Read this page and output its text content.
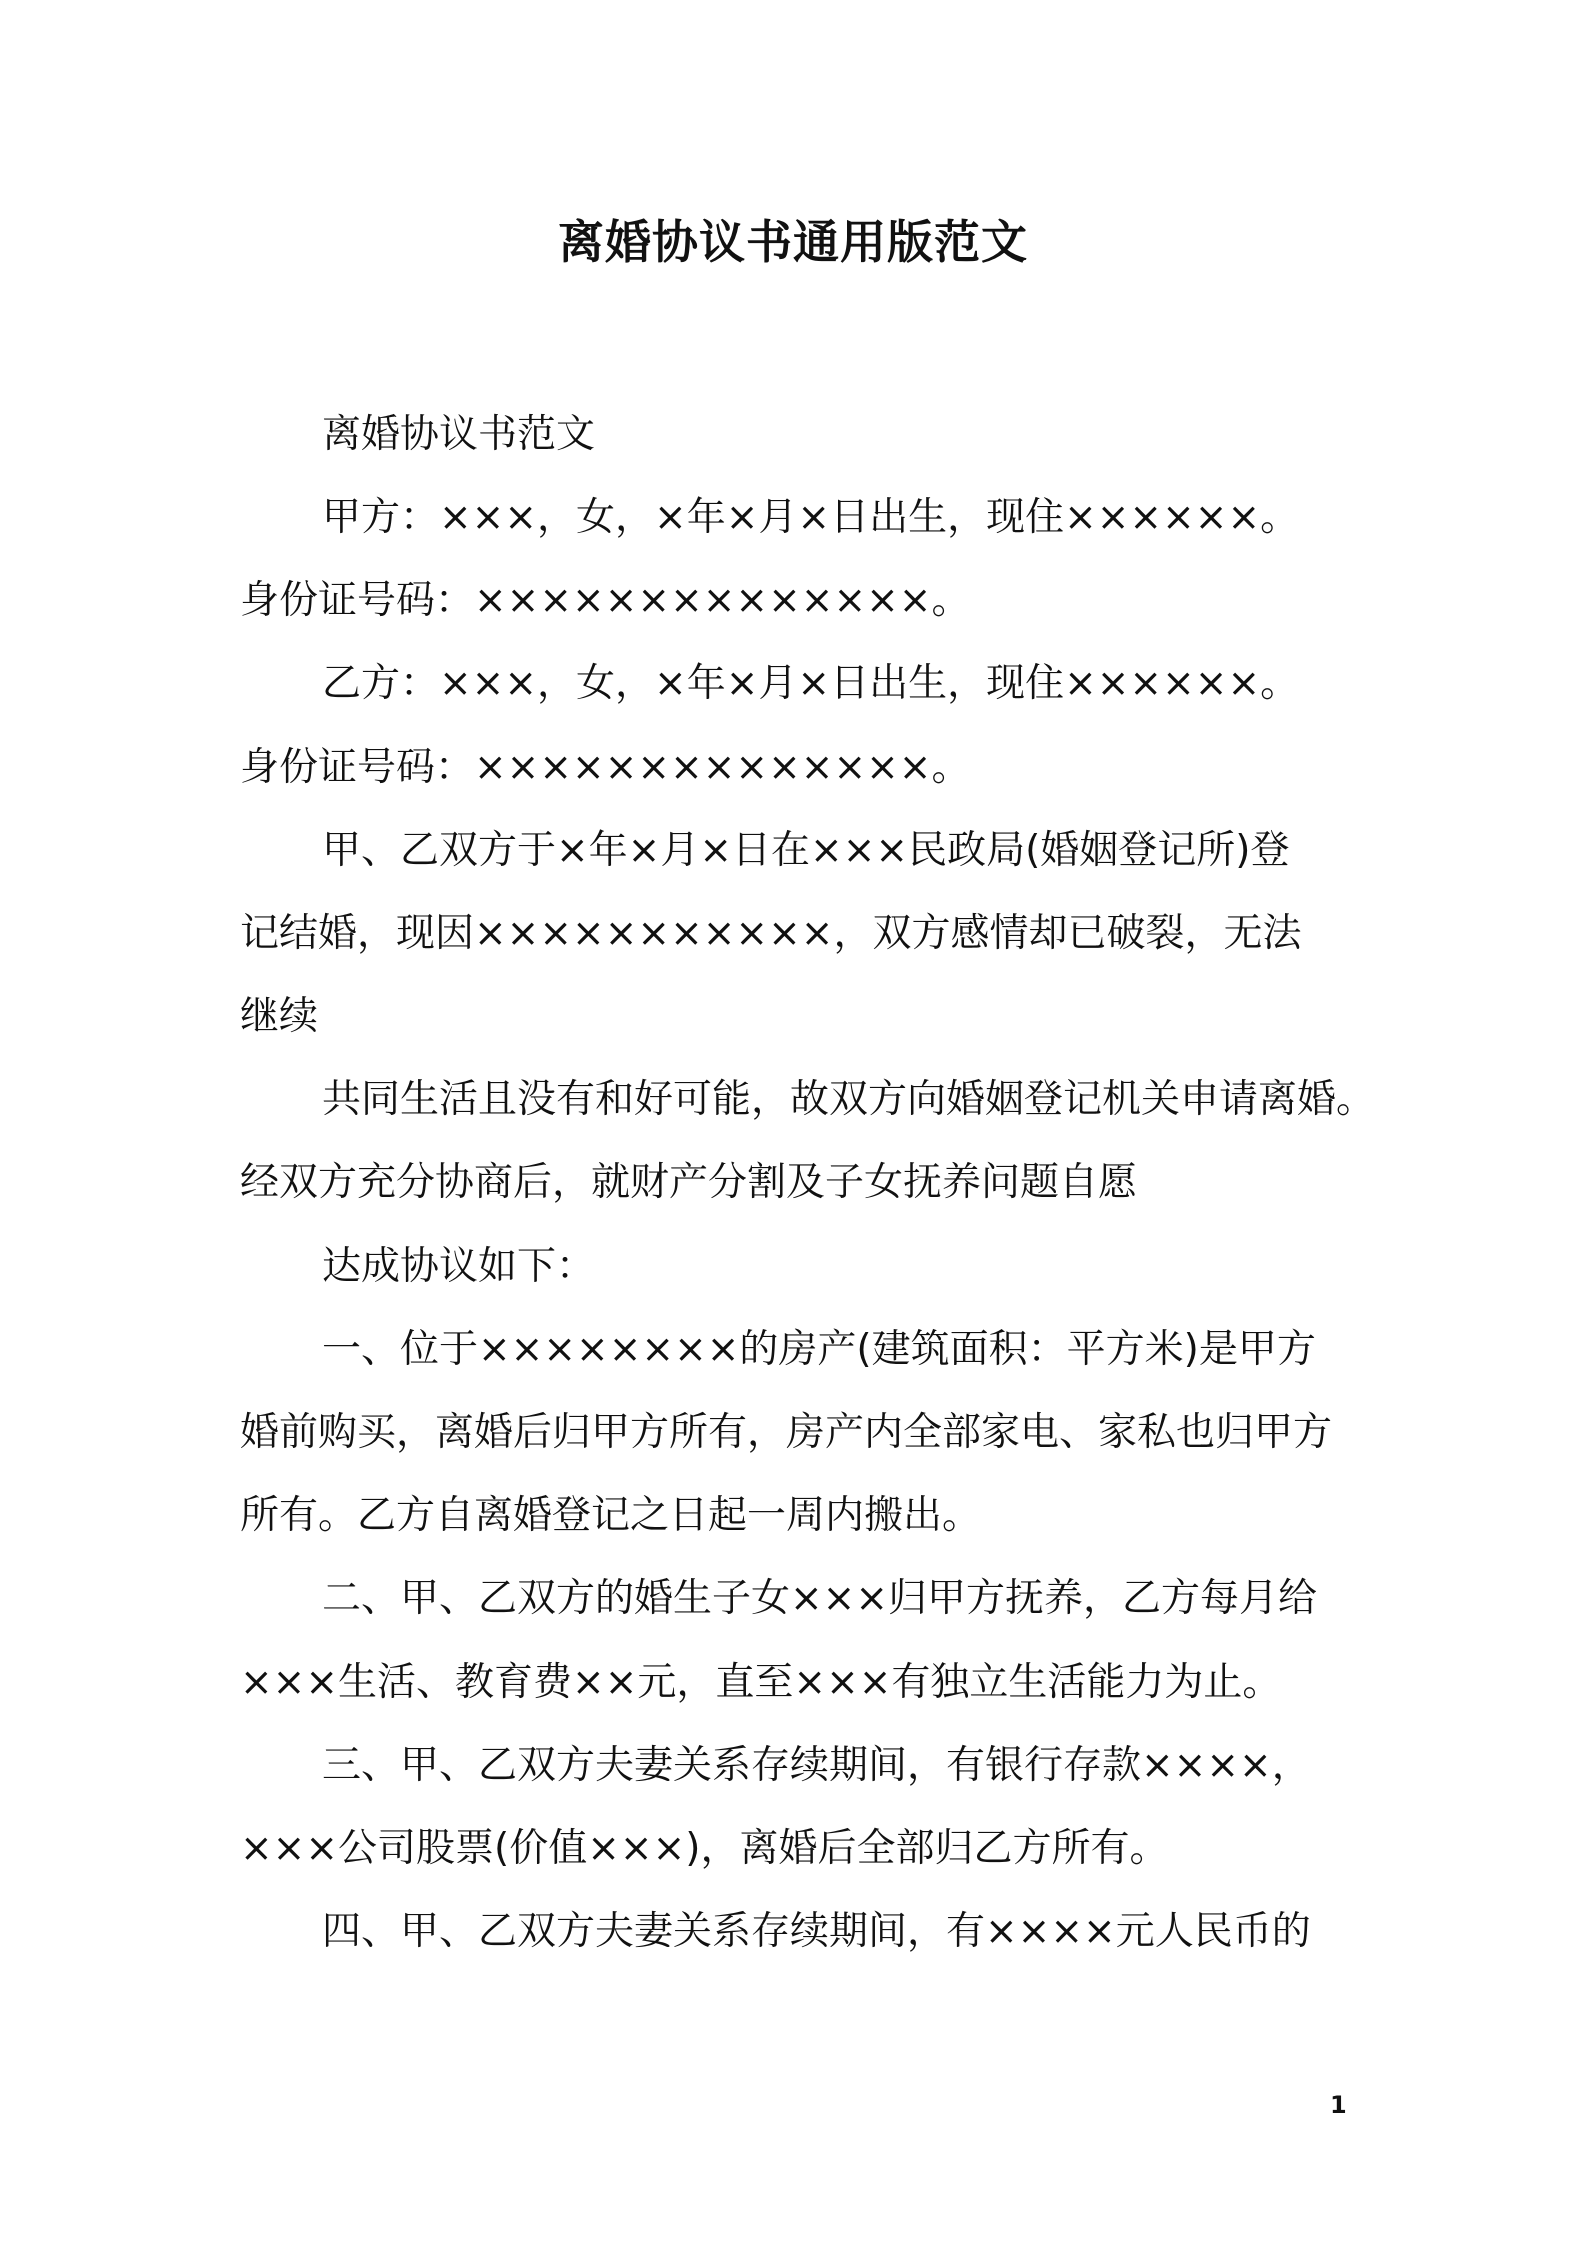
离婚协议书通用版范文
离婚协议书范文
甲方：×××，女，×年×月×日出生，现住××××××。
身份证号码：××××××××××××××。
乙方：×××，女，×年×月×日出生，现住××××××。
身份证号码：××××××××××××××。
甲、乙双方于×年×月×日在×××民政局(婚姻登记所)登
记结婚，现因×××××××××××，双方感情却已破裂，无法
继续
共同生活且没有和好可能，故双方向婚姻登记机关申请离婚。
经双方充分协商后，就财产分割及子女抚养问题自愿
达成协议如下：
一、位于××××××××的房产(建筑面积：平方米)是甲方
婚前购买，离婚后归甲方所有，房产内全部家电、家私也归甲方
所有。乙方自离婚登记之日起一周内搬出。
二、甲、乙双方的婚生子女×××归甲方抚养，乙方每月给
×××生活、教育费××元，直至×××有独立生活能力为止。
三、甲、乙双方夫妻关系存续期间，有银行存款××××，
×××公司股票(价值×××)，离婚后全部归乙方所有。
四、甲、乙双方夫妻关系存续期间，有××××元人民币的
1
